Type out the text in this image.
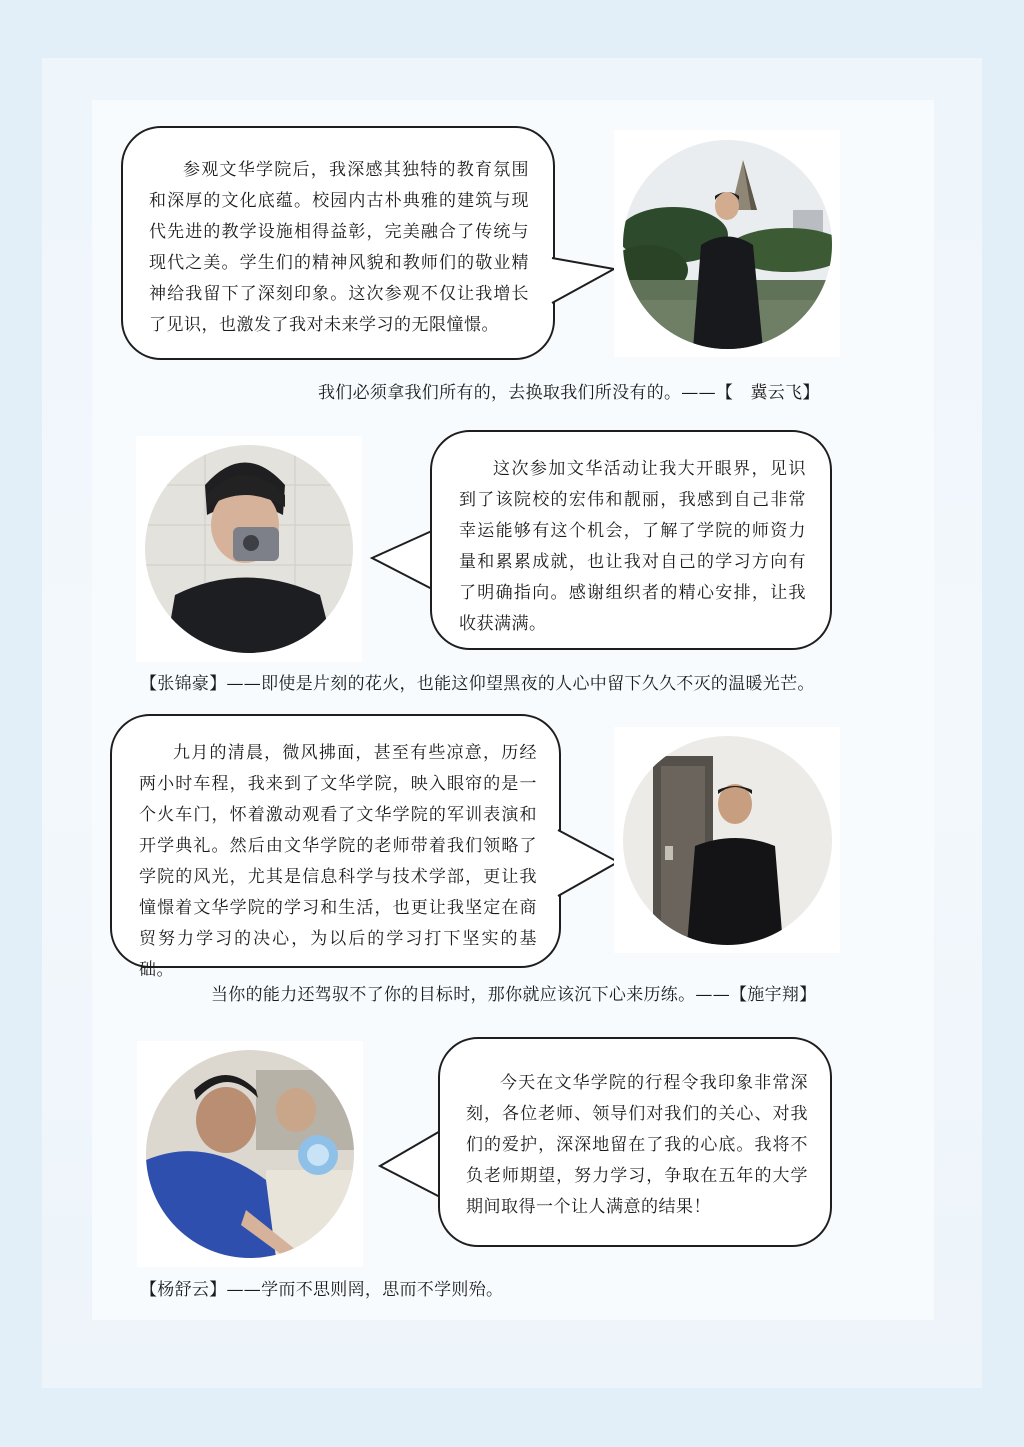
参观文华学院后，我深感其独特的教育氛围和深厚的文化底蕴。校园内古朴典雅的建筑与现代先进的教学设施相得益彰，完美融合了传统与现代之美。学生们的精神风貌和教师们的敬业精神给我留下了深刻印象。这次参观不仅让我增长了见识，也激发了我对未来学习的无限憧憬。

我们必须拿我们所有的，去换取我们所没有的。——【　冀云飞】

这次参加文华活动让我大开眼界，见识到了该院校的宏伟和靓丽，我感到自己非常幸运能够有这个机会，了解了学院的师资力量和累累成就，也让我对自己的学习方向有了明确指向。感谢组织者的精心安排，让我收获满满。

【张锦豪】——即使是片刻的花火，也能这仰望黑夜的人心中留下久久不灭的温暖光芒。

九月的清晨，微风拂面，甚至有些凉意，历经两小时车程，我来到了文华学院，映入眼帘的是一个火车门，怀着激动观看了文华学院的军训表演和开学典礼。然后由文华学院的老师带着我们领略了学院的风光，尤其是信息科学与技术学部，更让我憧憬着文华学院的学习和生活，也更让我坚定在商贸努力学习的决心，为以后的学习打下坚实的基础。

当你的能力还驾驭不了你的目标时，那你就应该沉下心来历练。——【施宇翔】

今天在文华学院的行程令我印象非常深刻，各位老师、领导们对我们的关心、对我们的爱护，深深地留在了我的心底。我将不负老师期望，努力学习，争取在五年的大学期间取得一个让人满意的结果！

【杨舒云】——学而不思则罔，思而不学则殆。
